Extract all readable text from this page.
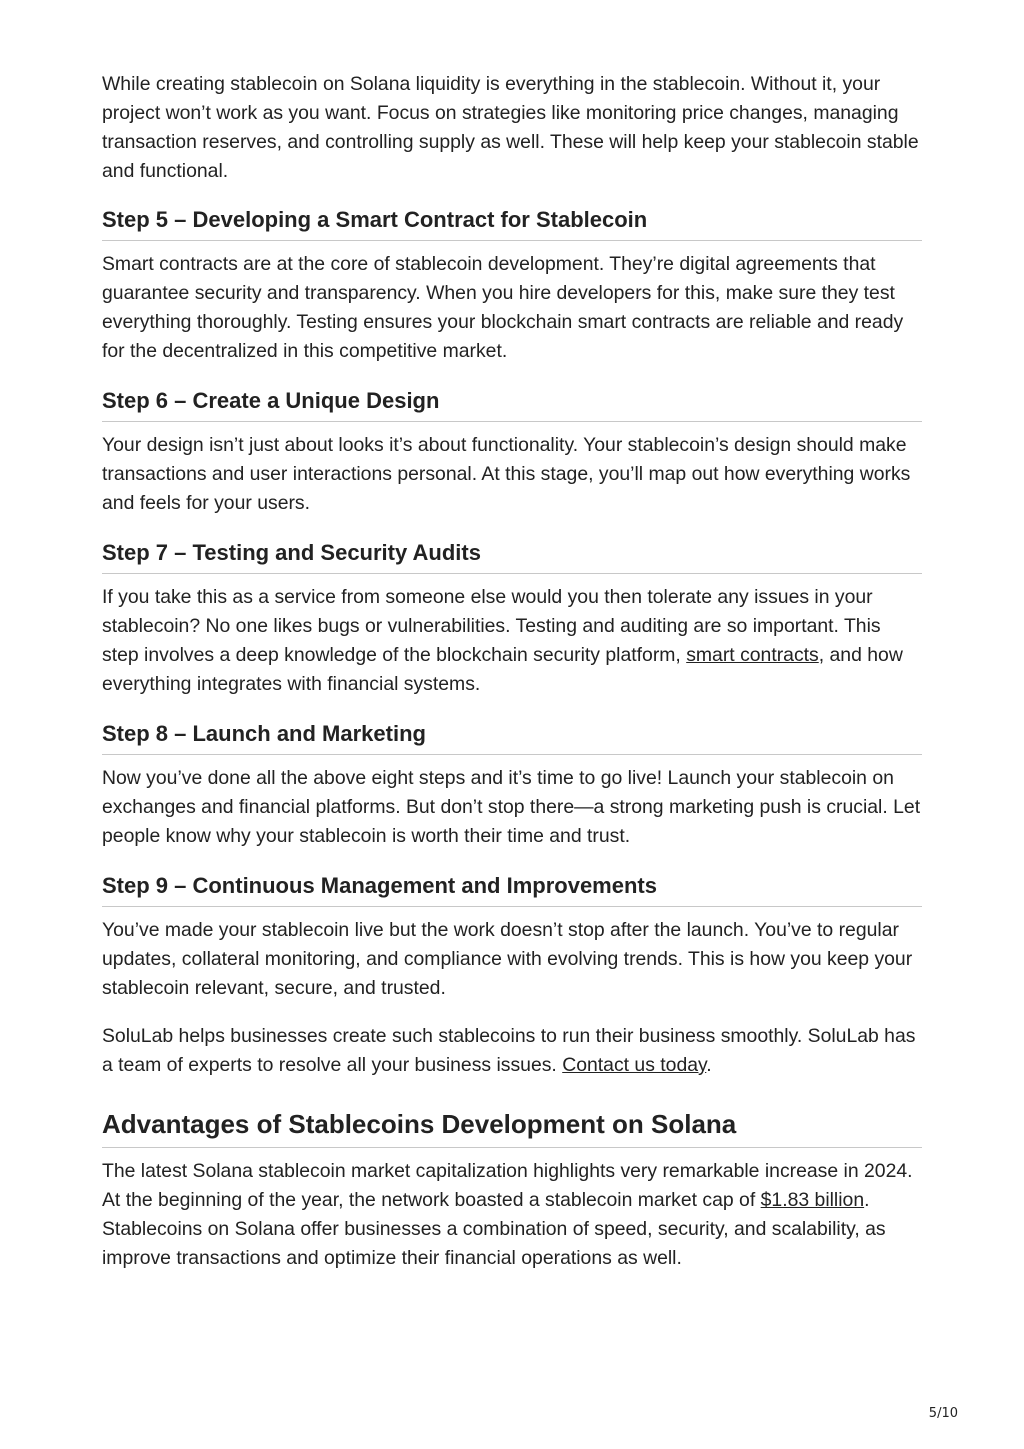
While creating stablecoin on Solana liquidity is everything in the stablecoin. Without it, your project won’t work as you want. Focus on strategies like monitoring price changes, managing transaction reserves, and controlling supply as well. These will help keep your stablecoin stable and functional.

Step 5 – Developing a Smart Contract for Stablecoin

Smart contracts are at the core of stablecoin development. They’re digital agreements that guarantee security and transparency. When you hire developers for this, make sure they test everything thoroughly. Testing ensures your blockchain smart contracts are reliable and ready for the decentralized in this competitive market.

Step 6 – Create a Unique Design

Your design isn’t just about looks it’s about functionality. Your stablecoin’s design should make transactions and user interactions personal. At this stage, you’ll map out how everything works and feels for your users.

Step 7 – Testing and Security Audits

If you take this as a service from someone else would you then tolerate any issues in your stablecoin? No one likes bugs or vulnerabilities. Testing and auditing are so important. This step involves a deep knowledge of the blockchain security platform, smart contracts, and how everything integrates with financial systems.

Step 8 – Launch and Marketing

Now you’ve done all the above eight steps and it’s time to go live! Launch your stablecoin on exchanges and financial platforms. But don’t stop there—a strong marketing push is crucial. Let people know why your stablecoin is worth their time and trust.

Step 9 – Continuous Management and Improvements

You’ve made your stablecoin live but the work doesn’t stop after the launch. You’ve to regular updates, collateral monitoring, and compliance with evolving trends. This is how you keep your stablecoin relevant, secure, and trusted.

SoluLab helps businesses create such stablecoins to run their business smoothly. SoluLab has a team of experts to resolve all your business issues. Contact us today.

Advantages of Stablecoins Development on Solana

The latest Solana stablecoin market capitalization highlights very remarkable increase in 2024. At the beginning of the year, the network boasted a stablecoin market cap of $1.83 billion. Stablecoins on Solana offer businesses a combination of speed, security, and scalability, as improve transactions and optimize their financial operations as well.

5/10
